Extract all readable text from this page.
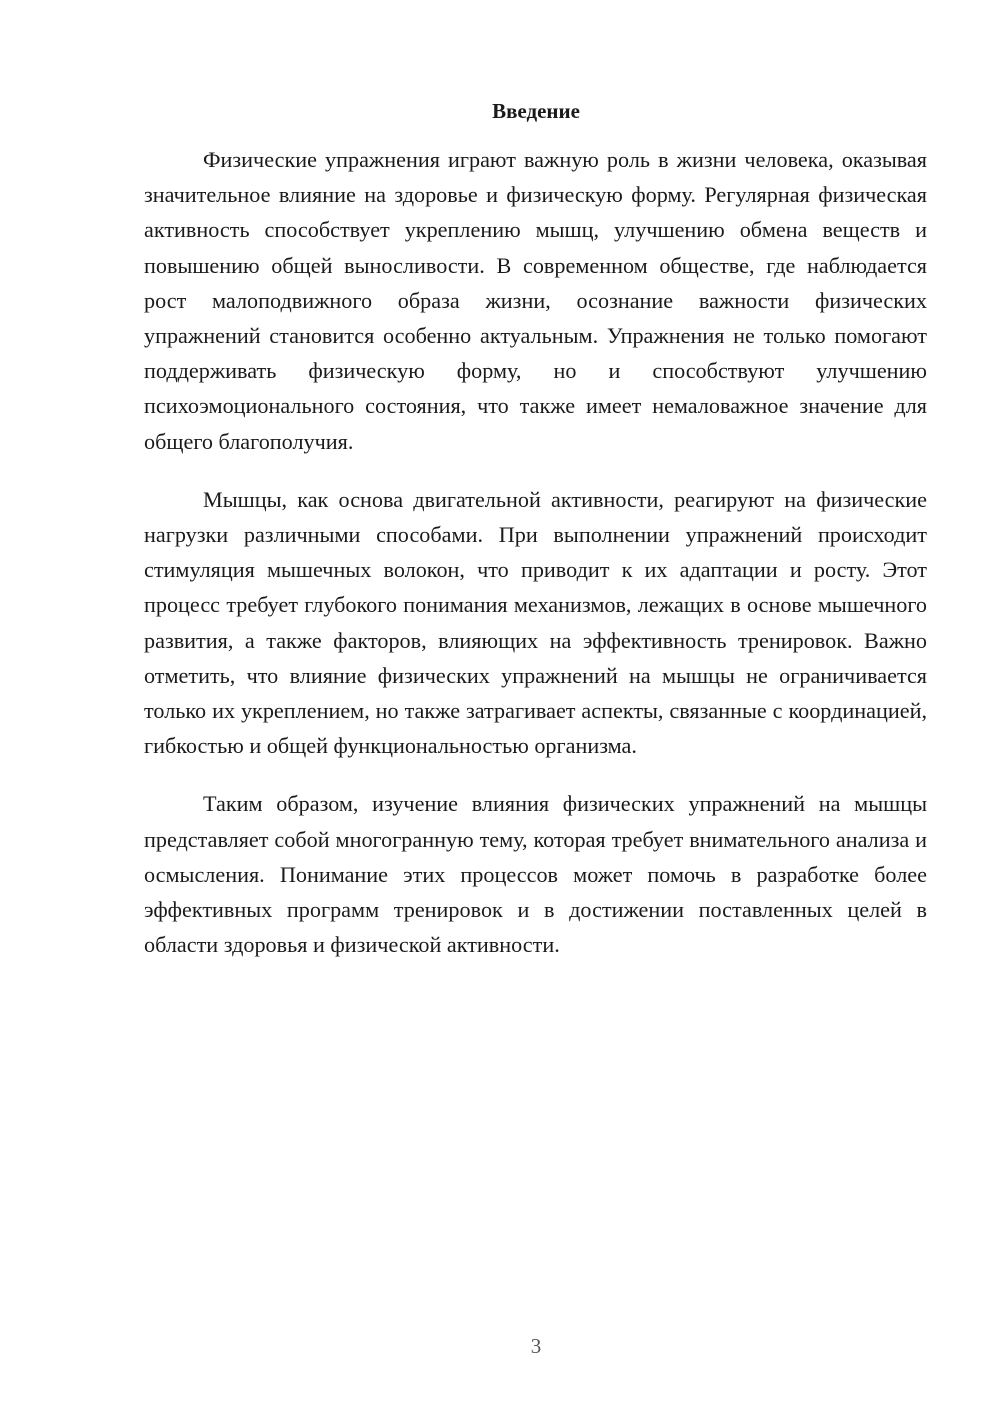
Введение

Физические упражнения играют важную роль в жизни человека, оказывая значительное влияние на здоровье и физическую форму. Регулярная физическая активность способствует укреплению мышц, улучшению обмена веществ и повышению общей выносливости. В современном обществе, где наблюдается рост малоподвижного образа жизни, осознание важности физических упражнений становится особенно актуальным. Упражнения не только помогают поддерживать физическую форму, но и способствуют улучшению психоэмоционального состояния, что также имеет немаловажное значение для общего благополучия.

Мышцы, как основа двигательной активности, реагируют на физические нагрузки различными способами. При выполнении упражнений происходит стимуляция мышечных волокон, что приводит к их адаптации и росту. Этот процесс требует глубокого понимания механизмов, лежащих в основе мышечного развития, а также факторов, влияющих на эффективность тренировок. Важно отметить, что влияние физических упражнений на мышцы не ограничивается только их укреплением, но также затрагивает аспекты, связанные с координацией, гибкостью и общей функциональностью организма.

Таким образом, изучение влияния физических упражнений на мышцы представляет собой многогранную тему, которая требует внимательного анализа и осмысления. Понимание этих процессов может помочь в разработке более эффективных программ тренировок и в достижении поставленных целей в области здоровья и физической активности.

3
